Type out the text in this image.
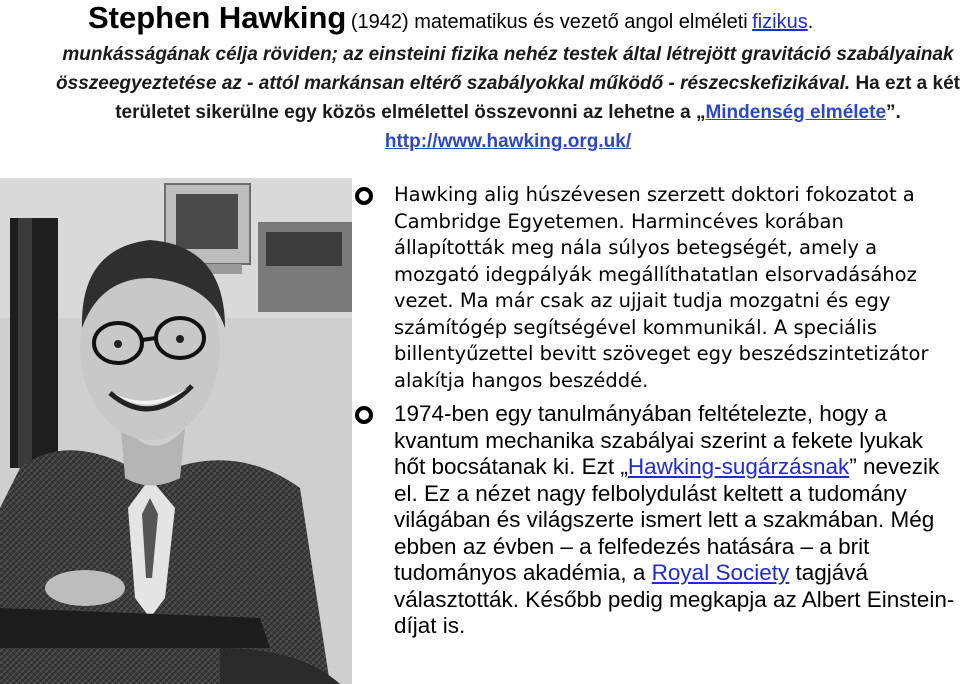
Stephen Hawking (1942) matematikus és vezető angol elméleti fizikus.
munkásságának célja röviden; az einsteini fizika nehéz testek által létrejött gravitáció szabályainak összeegyeztetése az - attól markánsan eltérő szabályokkal működő - részecskefizikával. Ha ezt a két területet sikerülne egy közös elmélettel összevonni az lehetne a „Mindenség elmélete”. http://www.hawking.org.uk/
Hawking alig húszévesen szerzett doktori fokozatot a Cambridge Egyetemen. Harmincéves korában állapították meg nála súlyos betegségét, amely a mozgató idegpályák megállíthatatlan elsorvadásához vezet. Ma már csak az ujjait tudja mozgatni és egy számítógép segítségével kommunikál. A speciális billentyűzettel bevitt szöveget egy beszédszintetizátor alakítja hangos beszéddé.
1974-ben egy tanulmányában feltételezte, hogy a kvantum mechanika szabályai szerint a fekete lyukak hőt bocsátanak ki. Ezt „Hawking-sugárzásnak” nevezik el. Ez a nézet nagy felbolydulást keltett a tudomány világában és világszerte ismert lett a szakmában. Még ebben az évben – a felfedezés hatására – a brit tudományos akadémia, a Royal Society tagjává választották. Később pedig megkapja az Albert Einstein-díjat is.
